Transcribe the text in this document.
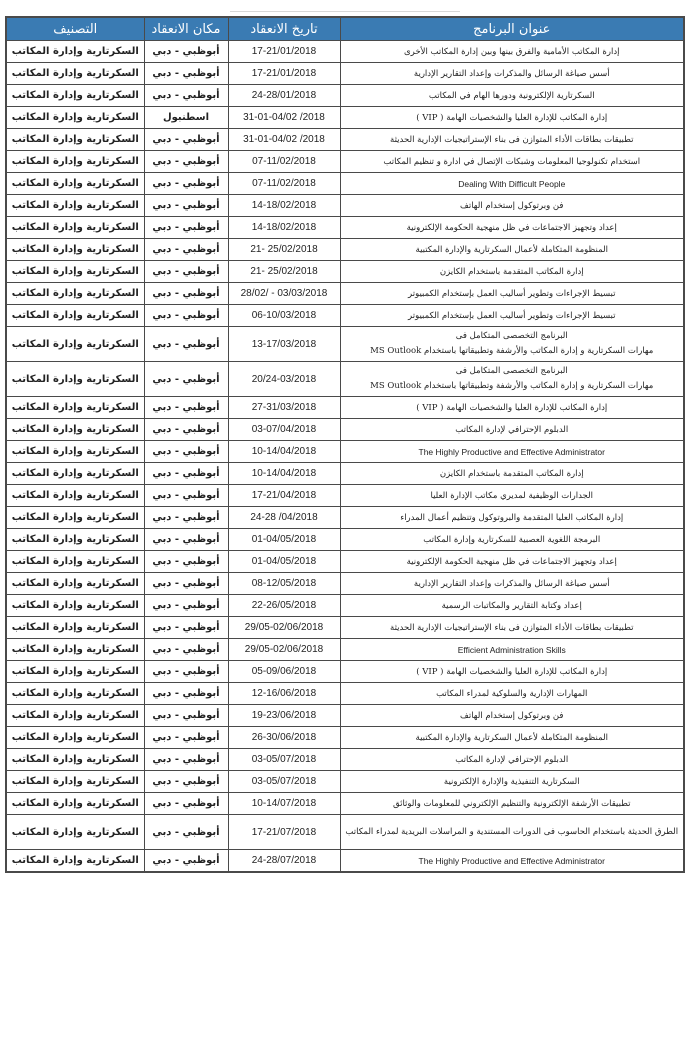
عنوان البرنامج	تاريخ الانعقاد	مكان الانعقاد	التصنيف
إدارة المكاتب الأمامية والفرق بينها وبين إدارة المكاتب الأخرى	17-21/01/2018	أبوظبي - دبي	السكرتارية وإدارة المكاتب
أسس صياغة الرسائل والمذكرات وإعداد التقارير الإدارية	17-21/01/2018	أبوظبي - دبي	السكرتارية وإدارة المكاتب
السكرتارية الإلكترونية ودورها الهام في المكاتب	24-28/01/2018	أبوظبي - دبي	السكرتارية وإدارة المكاتب
إدارة المكاتب للإدارة العليا والشخصيات الهامة ( VIP )	31-01-04/02 /2018	اسطنبول	السكرتارية وإدارة المكاتب
تطبيقات بطاقات الأداء المتوازن فى بناء الإستراتيجيات الإدارية الحديثة	31-01-04/02 /2018	أبوظبي - دبي	السكرتارية وإدارة المكاتب
استخدام تكنولوجيا المعلومات وشبكات الإتصال في ادارة و تنظيم المكاتب	07-11/02/2018	أبوظبي - دبي	السكرتارية وإدارة المكاتب
Dealing With Difficult People	07-11/02/2018	أبوظبي - دبي	السكرتارية وإدارة المكاتب
فن وبرتوكول إستخدام الهاتف	14-18/02/2018	أبوظبي - دبي	السكرتارية وإدارة المكاتب
إعداد وتجهيز الاجتماعات في ظل منهجية الحكومة الإلكترونية	14-18/02/2018	أبوظبي - دبي	السكرتارية وإدارة المكاتب
المنظومة المتكاملة لأعمال السكرتارية والإدارة المكتبية	21- 25/02/2018	أبوظبي - دبي	السكرتارية وإدارة المكاتب
إدارة المكاتب المتقدمة باستخدام الكايزن	21- 25/02/2018	أبوظبي - دبي	السكرتارية وإدارة المكاتب
تبسيط الإجراءات وتطوير أساليب العمل بإستخدام الكمبيوتر	28/02/ - 03/03/2018	أبوظبي - دبي	السكرتارية وإدارة المكاتب
تبسيط الإجراءات وتطوير أساليب العمل بإستخدام الكمبيوتر	06-10/03/2018	أبوظبي - دبي	السكرتارية وإدارة المكاتب

البرنامج التخصصى المتكامل فى
مهارات السكرتارية و إدارة المكاتب والأرشفة وتطبيقاتها باستخدام MS Outlook	13-17/03/2018	أبوظبي - دبي	السكرتارية وإدارة المكاتب

البرنامج التخصصى المتكامل فى
مهارات السكرتارية و إدارة المكاتب والأرشفة وتطبيقاتها باستخدام MS Outlook	20/24-03/2018	أبوظبي - دبي	السكرتارية وإدارة المكاتب
إدارة المكاتب للإدارة العليا والشخصيات الهامة ( VIP )	27-31/03/2018	أبوظبي - دبي	السكرتارية وإدارة المكاتب
الدبلوم الإحترافي لإدارة المكاتب	03-07/04/2018	أبوظبي - دبي	السكرتارية وإدارة المكاتب
The Highly Productive and Effective Administrator	10-14/04/2018	أبوظبي - دبي	السكرتارية وإدارة المكاتب
إدارة المكاتب المتقدمة باستخدام الكايزن	10-14/04/2018	أبوظبي - دبي	السكرتارية وإدارة المكاتب
الجدارات الوظيفية لمديري مكاتب الإدارة العليا	17-21/04/2018	أبوظبي - دبي	السكرتارية وإدارة المكاتب
إدارة المكاتب العليا المتقدمة والبروتوكول وتنظيم أعمال المدراء	24-28 /04/2018	أبوظبي - دبي	السكرتارية وإدارة المكاتب
البرمجة اللغوية العصبية للسكرتارية وإدارة المكاتب	01-04/05/2018	أبوظبي - دبي	السكرتارية وإدارة المكاتب
إعداد وتجهيز الاجتماعات في ظل منهجية الحكومة الإلكترونية	01-04/05/2018	أبوظبي - دبي	السكرتارية وإدارة المكاتب
أسس صياغة الرسائل والمذكرات وإعداد التقارير الإدارية	08-12/05/2018	أبوظبي - دبي	السكرتارية وإدارة المكاتب
إعداد وكتابة التقارير والمكاتبات الرسمية	22-26/05/2018	أبوظبي - دبي	السكرتارية وإدارة المكاتب
تطبيقات بطاقات الأداء المتوازن فى بناء الإستراتيجيات الإدارية الحديثة	29/05-02/06/2018	أبوظبي - دبي	السكرتارية وإدارة المكاتب
Efficient Administration Skills	29/05-02/06/2018	أبوظبي - دبي	السكرتارية وإدارة المكاتب
إدارة المكاتب للإدارة العليا والشخصيات الهامة ( VIP )	05-09/06/2018	أبوظبي - دبي	السكرتارية وإدارة المكاتب
المهارات الإدارية والسلوكية لمدراء المكاتب	12-16/06/2018	أبوظبي - دبي	السكرتارية وإدارة المكاتب
فن وبرتوكول إستخدام الهاتف	19-23/06/2018	أبوظبي - دبي	السكرتارية وإدارة المكاتب
المنظومة المتكاملة لأعمال السكرتارية والإدارة المكتبية	26-30/06/2018	أبوظبي - دبي	السكرتارية وإدارة المكاتب
الدبلوم الإحترافي لإدارة المكاتب	03-05/07/2018	أبوظبي - دبي	السكرتارية وإدارة المكاتب
السكرتارية التنفيذية والإدارة الإلكترونية	03-05/07/2018	أبوظبي - دبي	السكرتارية وإدارة المكاتب
تطبيقات الأرشفة الإلكترونية والتنظيم الإلكتروني للمعلومات والوثائق	10-14/07/2018	أبوظبي - دبي	السكرتارية وإدارة المكاتب
الطرق الحديثة باستخدام الحاسوب فى الدورات المستندية و المراسلات البريدية لمدراء المكاتب	17-21/07/2018	أبوظبي - دبي	السكرتارية وإدارة المكاتب
The Highly Productive and Effective Administrator	24-28/07/2018	أبوظبي - دبي	السكرتارية وإدارة المكاتب
